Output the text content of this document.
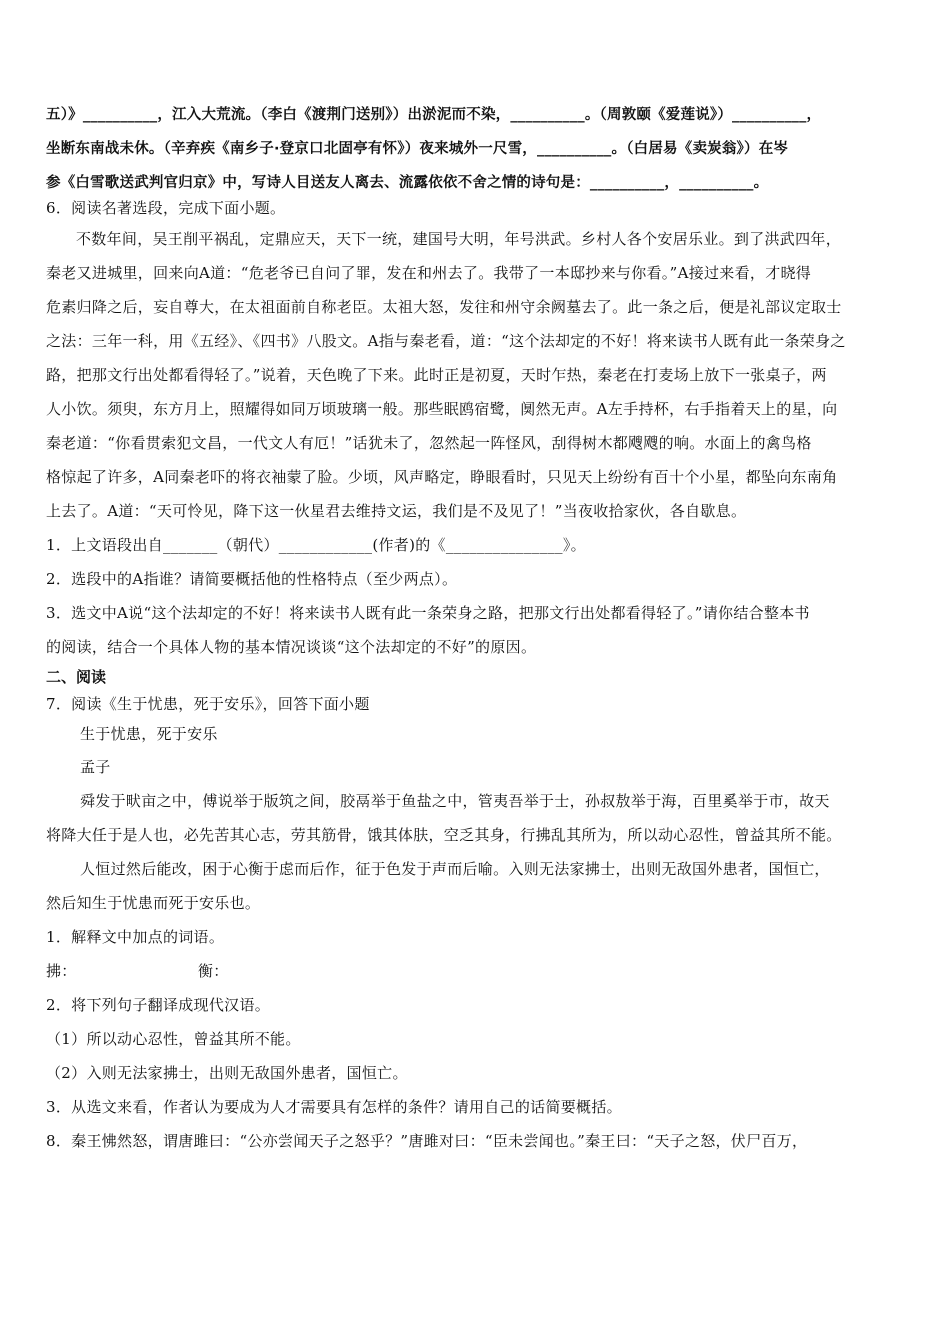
五）》__________，江入大荒流。（李白《渡荆门送别》）出淤泥而不染，__________。（周敦颐《爱莲说》）__________，
坐断东南战未休。（辛弃疾《南乡子·登京口北固亭有怀》）夜来城外一尺雪，__________。（白居易《卖炭翁》）在岑
参《白雪歌送武判官归京》中，写诗人目送友人离去、流露依依不舍之情的诗句是：__________，__________。
6．阅读名著选段，完成下面小题。
不数年间，吴王削平祸乱，定鼎应天，天下一统，建国号大明，年号洪武。乡村人各个安居乐业。到了洪武四年，
秦老又进城里，回来向A道：“危老爷已自问了罪，发在和州去了。我带了一本邸抄来与你看。”A接过来看，才晓得
危素归降之后，妄自尊大，在太祖面前自称老臣。太祖大怒，发往和州守余阙墓去了。此一条之后，便是礼部议定取士
之法：三年一科，用《五经》、《四书》八股文。A指与秦老看，道：“这个法却定的不好！将来读书人既有此一条荣身之
路，把那文行出处都看得轻了。”说着，天色晚了下来。此时正是初夏，天时乍热，秦老在打麦场上放下一张桌子，两
人小饮。须臾，东方月上，照耀得如同万顷玻璃一般。那些眠鸥宿鹭，阒然无声。A左手持杯，右手指着天上的星，向
秦老道：“你看贯索犯文昌，一代文人有厄！”话犹未了，忽然起一阵怪风，刮得树木都飕飕的响。水面上的禽鸟格
格惊起了许多，A同秦老吓的将衣袖蒙了脸。少顷，风声略定，睁眼看时，只见天上纷纷有百十个小星，都坠向东南角
上去了。A道：“天可怜见，降下这一伙星君去维持文运，我们是不及见了！”当夜收拾家伙，各自歇息。
1．上文语段出自_______（朝代）____________(作者)的《_______________》。
2．选段中的A指谁？请简要概括他的性格特点（至少两点）。
3．选文中A说“这个法却定的不好！将来读书人既有此一条荣身之路，把那文行出处都看得轻了。”请你结合整本书
的阅读，结合一个具体人物的基本情况谈谈“这个法却定的不好”的原因。
二、阅读
7．阅读《生于忧患，死于安乐》，回答下面小题
生于忧患，死于安乐
孟子
舜发于畎亩之中，傅说举于版筑之间，胶鬲举于鱼盐之中，管夷吾举于士，孙叔敖举于海，百里奚举于市，故天
将降大任于是人也，必先苦其心志，劳其筋骨，饿其体肤，空乏其身，行拂乱其所为，所以动心忍性，曾益其所不能。
人恒过然后能改，困于心衡于虑而后作，征于色发于声而后喻。入则无法家拂士，出则无敌国外患者，国恒亡，
然后知生于忧患而死于安乐也。
1．解释文中加点的词语。
拂：	衡：
2．将下列句子翻译成现代汉语。
（1）所以动心忍性，曾益其所不能。
（2）入则无法家拂士，出则无敌国外患者，国恒亡。
3．从选文来看，作者认为要成为人才需要具有怎样的条件？请用自己的话简要概括。
8．秦王怫然怒，谓唐雎曰：“公亦尝闻天子之怒乎？”唐雎对曰：“臣未尝闻也。”秦王曰：“天子之怒，伏尸百万，
